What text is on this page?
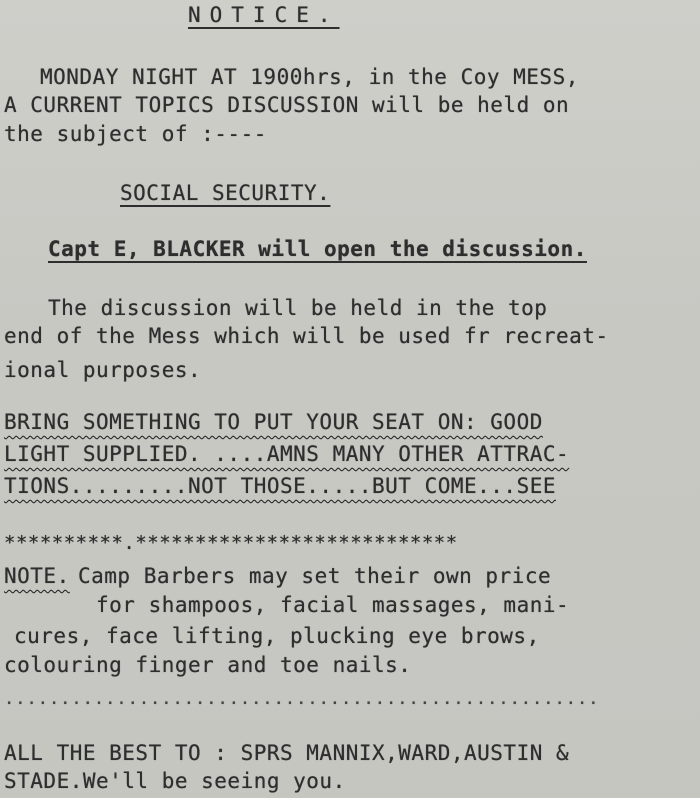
NOTICE.
MONDAY NIGHT AT 1900hrs, in the Coy MESS,
A CURRENT TOPICS DISCUSSION will be held on
the subject of :----
SOCIAL SECURITY.
Capt E, BLACKER will open the discussion.
The discussion will be held in the top
end of the Mess which will be used fr recreat-
ional purposes.
BRING SOMETHING TO PUT YOUR SEAT ON: GOOD
LIGHT SUPPLIED. ....AMNS MANY OTHER ATTRAC-
TIONS.........NOT THOSE.....BUT COME...SEE
**********.***************************
NOTE. Camp Barbers may set their own price
for shampoos, facial massages, mani-
cures, face lifting, plucking eye brows,
colouring finger and toe nails.
.....................................................
ALL THE BEST TO : SPRS MANNIX,WARD,AUSTIN &
STADE.We'll be seeing you.
